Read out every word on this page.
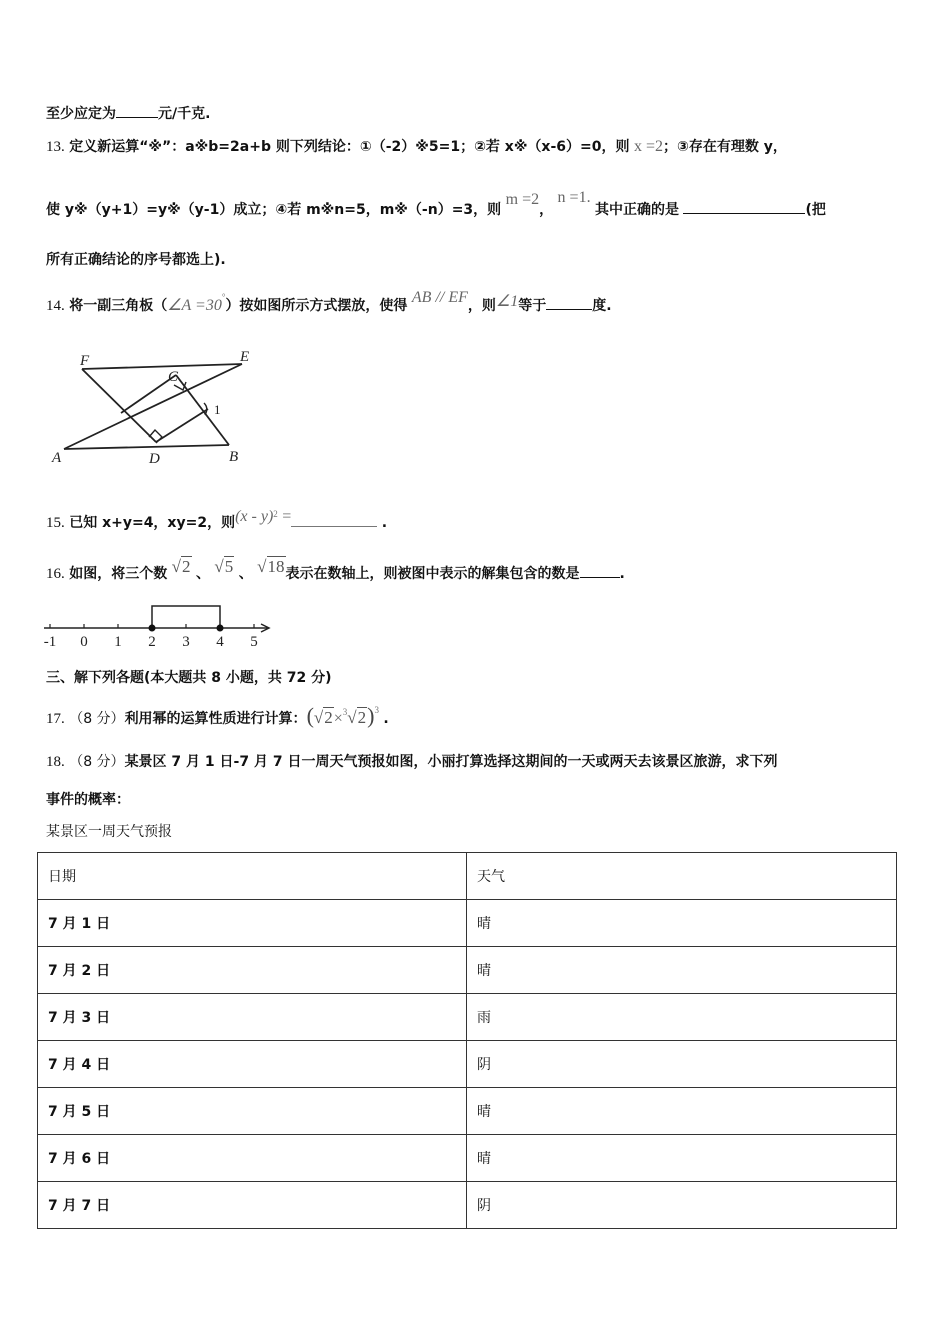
至少应定为	元/千克.
13. 定义新运算“※”：a※b=2a+b 则下列结论：①（-2）※5=1；②若 x※（x-6）=0，则 x =2；③存在有理数 y，
使 y※（y+1）=y※（y-1）成立；④若 m※n=5，m※（-n）=3，则 m =2， n =1. 其中正确的是	(把
所有正确结论的序号都选上).
14. 将一副三角板（∠A =30°）按如图所示方式摆放，使得 AB // EF，则∠1等于	度.
F	E
C
1
A	D	B
15. 已知 x+y=4，xy=2，则(x - y)$^2$ =	.
16. 如图，将三个数 √2 、 √5 、 √18表示在数轴上，则被图中表示的解集包含的数是	.
-1 0 1 2 3 4 5
三、解下列各题(本大题共 8 小题，共 72 分)
17. （8 分）利用幂的运算性质进行计算：$(√2\times^3√2)^3$ .
18. （8 分）某景区 7 月 1 日-7 月 7 日一周天气预报如图，小丽打算选择这期间的一天或两天去该景区旅游，求下列
事件的概率：
某景区一周天气预报
日期	天气
7 月 1 日	晴
7 月 2 日	晴
7 月 3 日	雨
7 月 4 日	阴
7 月 5 日	晴
7 月 6 日	晴
7 月 7 日	阴
